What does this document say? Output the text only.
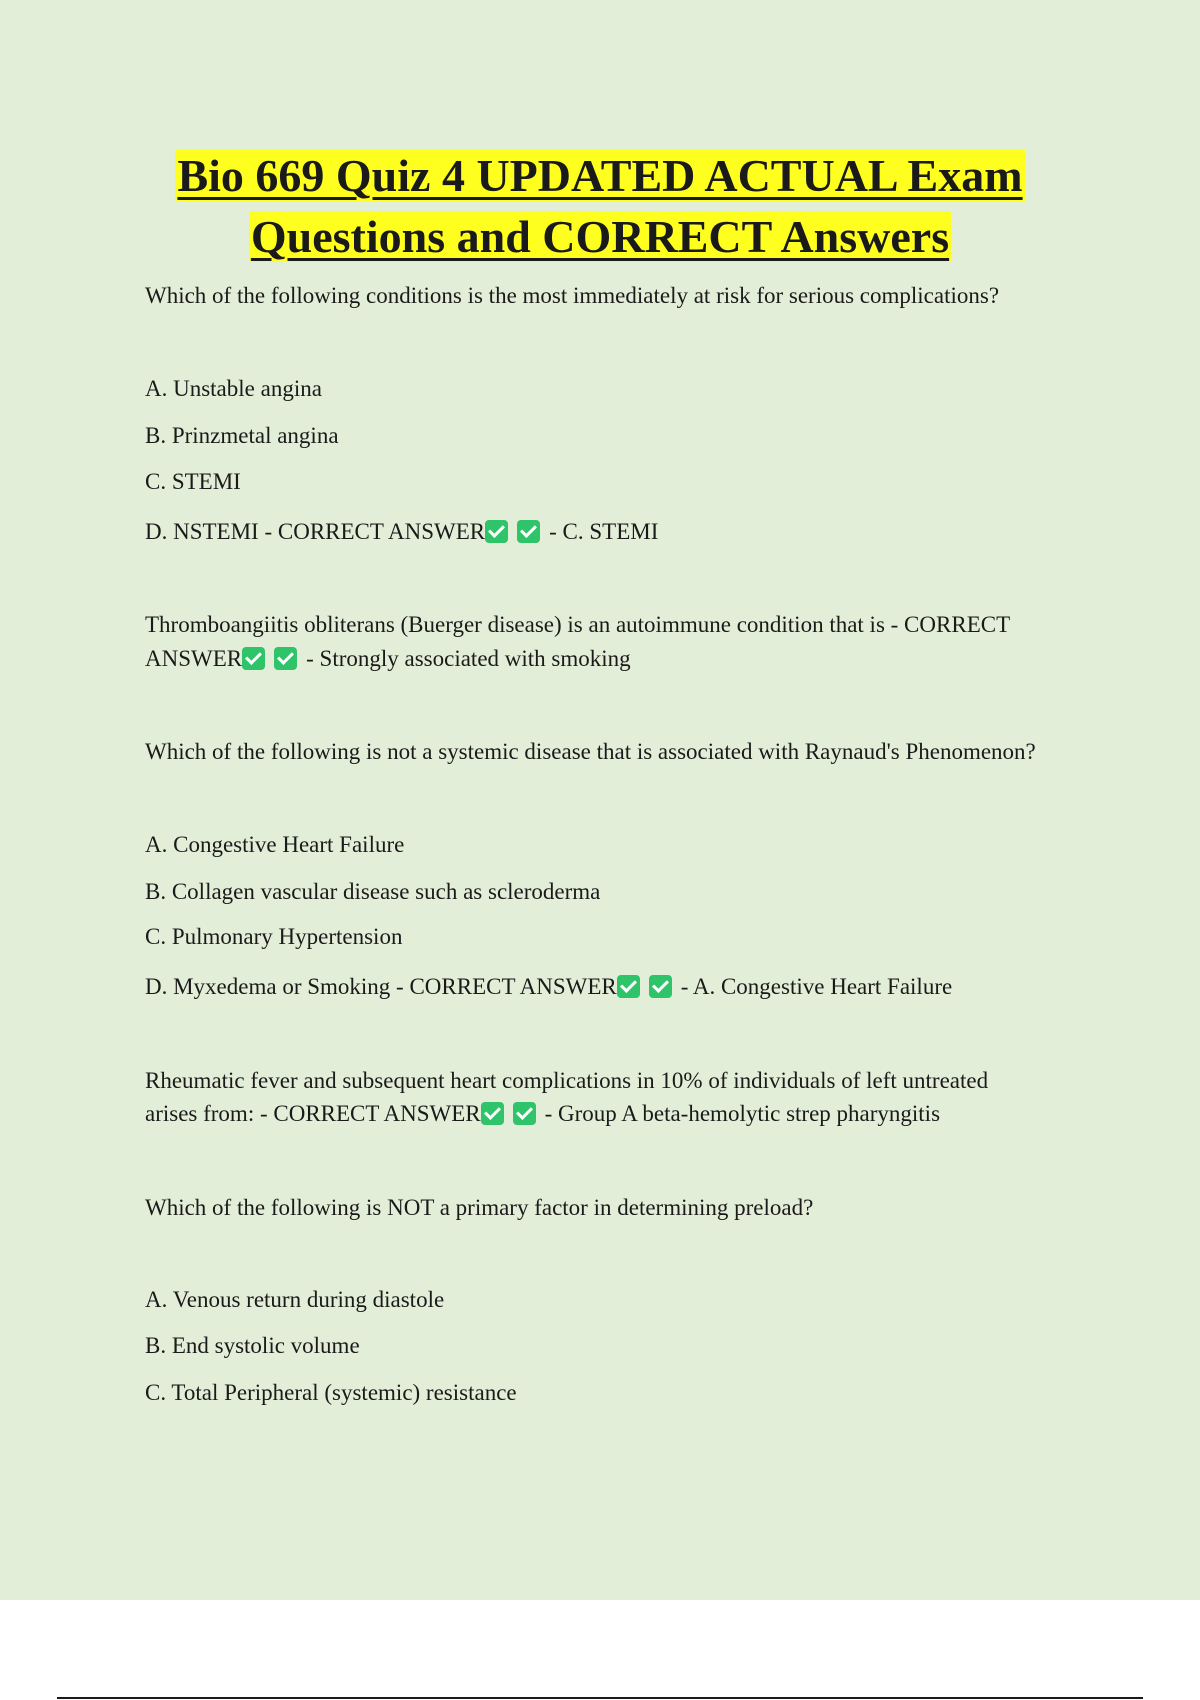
Bio 669 Quiz 4 UPDATED ACTUAL Exam
Questions and CORRECT Answers

Which of the following conditions is the most immediately at risk for serious complications?

A. Unstable angina

B. Prinzmetal angina

C. STEMI

D. NSTEMI - CORRECT ANSWER	- C. STEMI

Thromboangiitis obliterans (Buerger disease) is an autoimmune condition that is - CORRECT

ANSWER	- Strongly associated with smoking

Which of the following is not a systemic disease that is associated with Raynaud's Phenomenon?

A. Congestive Heart Failure

B. Collagen vascular disease such as scleroderma

C. Pulmonary Hypertension

D. Myxedema or Smoking - CORRECT ANSWER	- A. Congestive Heart Failure

Rheumatic fever and subsequent heart complications in 10% of individuals of left untreated

arises from: - CORRECT ANSWER	- Group A beta-hemolytic strep pharyngitis

Which of the following is NOT a primary factor in determining preload?

A. Venous return during diastole

B. End systolic volume

C. Total Peripheral (systemic) resistance
